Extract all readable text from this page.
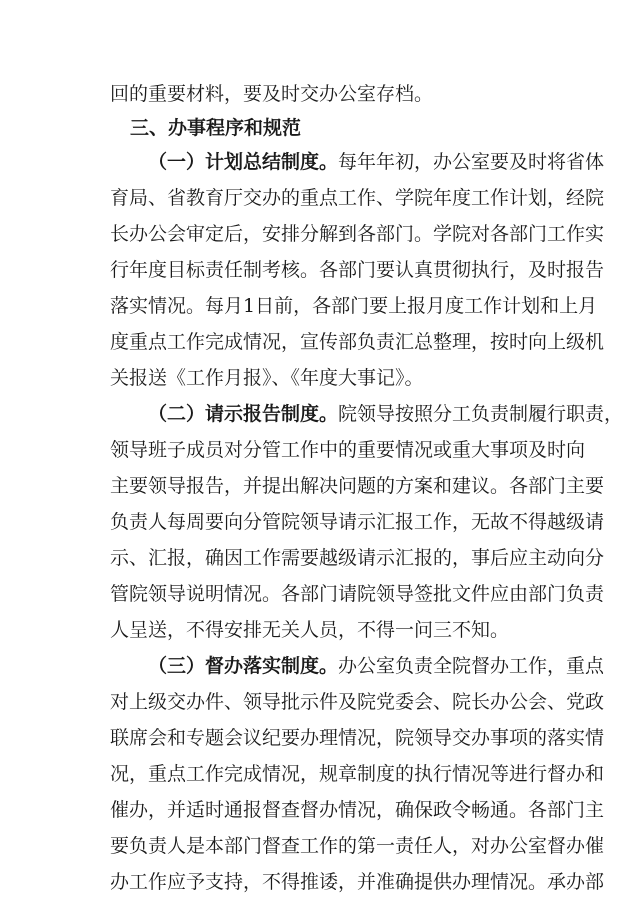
回的重要材料，要及时交办公室存档。
三、办事程序和规范
（一）计划总结制度。每年年初，办公室要及时将省体
育局、省教育厅交办的重点工作、学院年度工作计划，经院
长办公会审定后，安排分解到各部门。学院对各部门工作实
行年度目标责任制考核。各部门要认真贯彻执行，及时报告
落实情况。每月1日前，各部门要上报月度工作计划和上月
度重点工作完成情况，宣传部负责汇总整理，按时向上级机
关报送《工作月报》、《年度大事记》。
（二）请示报告制度。院领导按照分工负责制履行职责，
领导班子成员对分管工作中的重要情况或重大事项及时向
主要领导报告，并提出解决问题的方案和建议。各部门主要
负责人每周要向分管院领导请示汇报工作，无故不得越级请
示、汇报，确因工作需要越级请示汇报的，事后应主动向分
管院领导说明情况。各部门请院领导签批文件应由部门负责
人呈送，不得安排无关人员，不得一问三不知。
（三）督办落实制度。办公室负责全院督办工作，重点
对上级交办件、领导批示件及院党委会、院长办公会、党政
联席会和专题会议纪要办理情况，院领导交办事项的落实情
况，重点工作完成情况，规章制度的执行情况等进行督办和
催办，并适时通报督查督办情况，确保政令畅通。各部门主
要负责人是本部门督查工作的第一责任人，对办公室督办催
办工作应予支持，不得推诿，并准确提供办理情况。承办部
